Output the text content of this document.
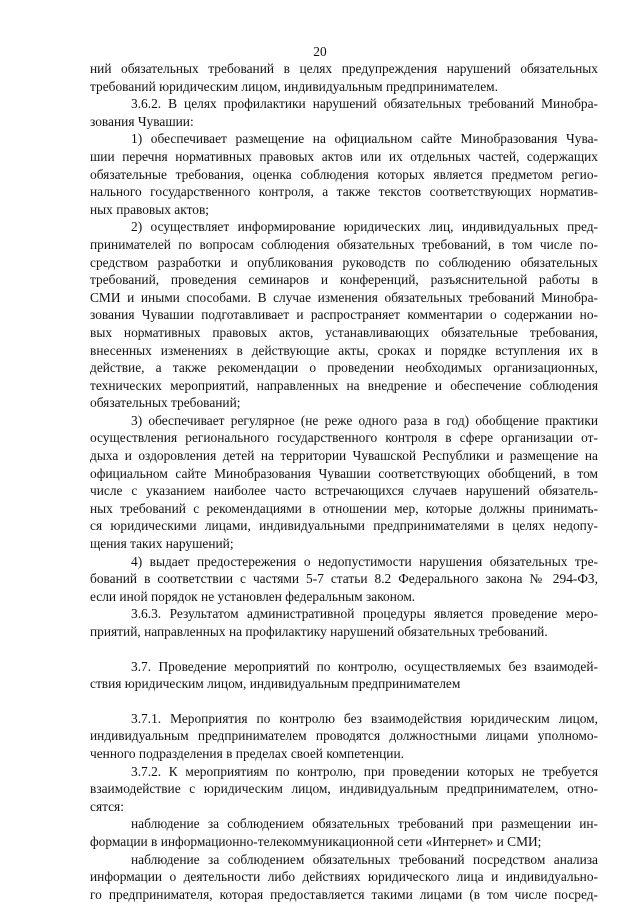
20
ний обязательных требований в целях предупреждения нарушений обязательных
требований юридическим лицом, индивидуальным предпринимателем.
3.6.2. В целях профилактики нарушений обязательных требований Минобра-
зования Чувашии:
1) обеспечивает размещение на официальном сайте Минобразования Чува-
шии перечня нормативных правовых актов или их отдельных частей, содержащих
обязательные требования, оценка соблюдения которых является предметом регио-
нального государственного контроля, а также текстов соответствующих норматив-
ных правовых актов;
2) осуществляет информирование юридических лиц, индивидуальных пред-
принимателей по вопросам соблюдения обязательных требований, в том числе по-
средством разработки и опубликования руководств по соблюдению обязательных
требований, проведения семинаров и конференций, разъяснительной работы в
СМИ и иными способами. В случае изменения обязательных требований Минобра-
зования Чувашии подготавливает и распространяет комментарии о содержании но-
вых нормативных правовых актов, устанавливающих обязательные требования,
внесенных изменениях в действующие акты, сроках и порядке вступления их в
действие, а также рекомендации о проведении необходимых организационных,
технических мероприятий, направленных на внедрение и обеспечение соблюдения
обязательных требований;
3) обеспечивает регулярное (не реже одного раза в год) обобщение практики
осуществления регионального государственного контроля в сфере организации от-
дыха и оздоровления детей на территории Чувашской Республики и размещение на
официальном сайте Минобразования Чувашии соответствующих обобщений, в том
числе с указанием наиболее часто встречающихся случаев нарушений обязатель-
ных требований с рекомендациями в отношении мер, которые должны принимать-
ся юридическими лицами, индивидуальными предпринимателями в целях недопу-
щения таких нарушений;
4) выдает предостережения о недопустимости нарушения обязательных тре-
бований в соответствии с частями 5-7 статьи 8.2 Федерального закона № 294-ФЗ,
если иной порядок не установлен федеральным законом.
3.6.3. Результатом административной процедуры является проведение меро-
приятий, направленных на профилактику нарушений обязательных требований.
3.7. Проведение мероприятий по контролю, осуществляемых без взаимодей-
ствия юридическим лицом, индивидуальным предпринимателем
3.7.1. Мероприятия по контролю без взаимодействия юридическим лицом,
индивидуальным предпринимателем проводятся должностными лицами уполномо-
ченного подразделения в пределах своей компетенции.
3.7.2. К мероприятиям по контролю, при проведении которых не требуется
взаимодействие с юридическим лицом, индивидуальным предпринимателем, отно-
сятся:
наблюдение за соблюдением обязательных требований при размещении ин-
формации в информационно-телекоммуникационной сети «Интернет» и СМИ;
наблюдение за соблюдением обязательных требований посредством анализа
информации о деятельности либо действиях юридического лица и индивидуально-
го предпринимателя, которая предоставляется такими лицами (в том числе посред-
